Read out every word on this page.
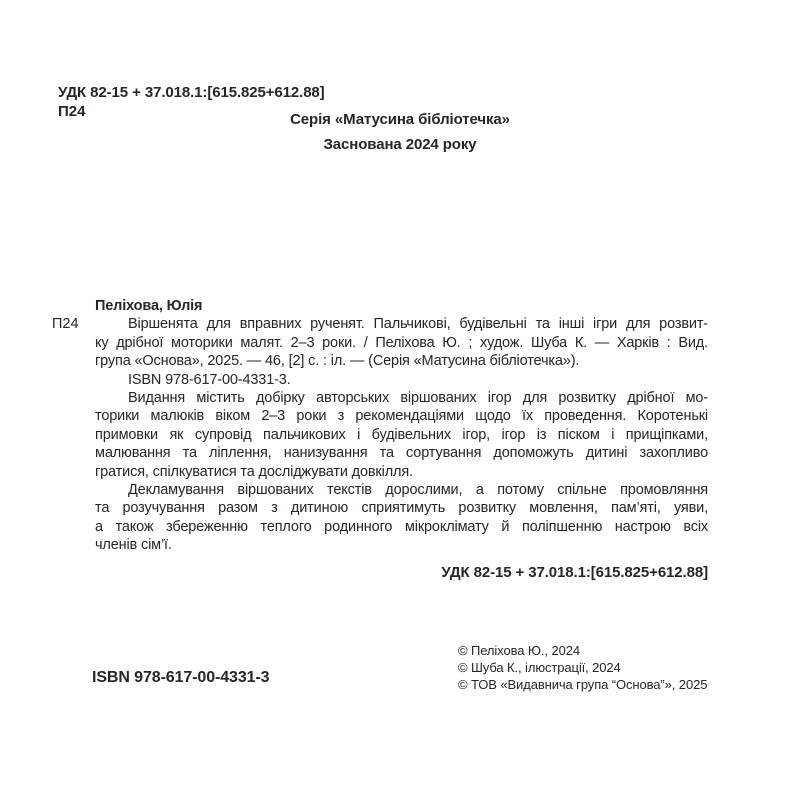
УДК 82-15 + 37.018.1:[615.825+612.88]
П24	Серія «Матусина бібліотечка»
Заснована 2024 року
П24
Пеліхова, Юлія
Віршенята для вправних рученят. Пальчикові, будівельні та інші ігри для розвит-
ку дрібної моторики малят. 2–3 роки. / Пеліхова Ю. ; худож. Шуба К. — Харків : Вид.
група «Основа», 2025. — 46, [2] с. : іл. — (Серія «Матусина бібліотечка»).
ISBN 978-617-00-4331-3.
Видання містить добірку авторських віршованих ігор для розвитку дрібної мо-
торики малюків віком 2–3 роки з рекомендаціями щодо їх проведення. Коротенькі
примовки як супровід пальчикових і будівельних ігор, ігор із піском і прищіпками,
малювання та ліплення, нанизування та сортування допоможуть дитині захопливо
гратися, спілкуватися та досліджувати довкілля.
Декламування віршованих текстів дорослими, а потому спільне промовляння
та розучування разом з дитиною сприятимуть розвитку мовлення, пам’яті, уяви,
а також збереженню теплого родинного мікроклімату й поліпшенню настрою всіх
членів сім’ї.
УДК 82-15 + 37.018.1:[615.825+612.88]
ISBN 978-617-00-4331-3
© Пеліхова Ю., 2024
© Шуба К., ілюстрації, 2024
© ТОВ «Видавнича група “Основа”», 2025
